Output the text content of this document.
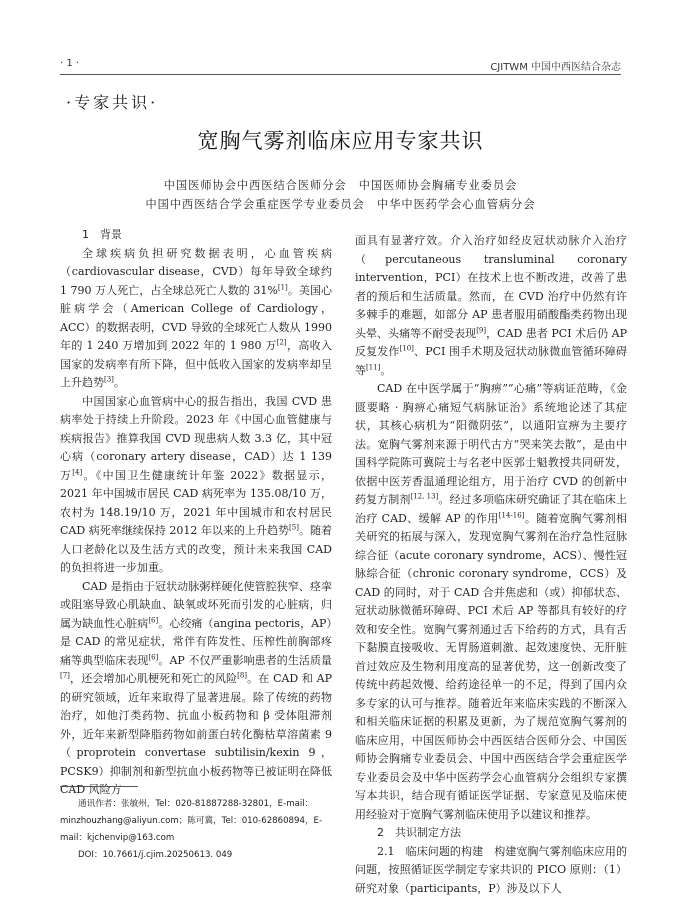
· 1 ·	CJITWM 中国中西医结合杂志
·专家共识·
宽胸气雾剂临床应用专家共识
中国医师协会中西医结合医师分会　中国医师协会胸痛专业委员会
中国中西医结合学会重症医学专业委员会　中华中医药学会心血管病分会
1　背景

全球疾病负担研究数据表明，心血管疾病（cardiovascular disease，CVD）每年导致全球约 1 790 万人死亡，占全球总死亡人数的 31%[1]。美国心脏病学会（American College of Cardiology，ACC）的数据表明，CVD 导致的全球死亡人数从 1990 年的 1 240 万增加到 2022 年的 1 980 万[2]，高收入国家的发病率有所下降，但中低收入国家的发病率却呈上升趋势[3]。

中国国家心血管病中心的报告指出，我国 CVD 患病率处于持续上升阶段。2023 年《中国心血管健康与疾病报告》推算我国 CVD 现患病人数 3.3 亿，其中冠心病（coronary artery disease，CAD）达 1 139 万[4]。《中国卫生健康统计年鉴 2022》数据显示，2021 年中国城市居民 CAD 病死率为 135.08/10 万，农村为 148.19/10 万，2021 年中国城市和农村居民 CAD 病死率继续保持 2012 年以来的上升趋势[5]。随着人口老龄化以及生活方式的改变，预计未来我国 CAD 的负担将进一步加重。

CAD 是指由于冠状动脉粥样硬化使管腔狭窄、痉挛或阻塞导致心肌缺血、缺氧或坏死而引发的心脏病，归属为缺血性心脏病[6]。心绞痛（angina pectoris，AP）是 CAD 的常见症状，常伴有阵发性、压榨性前胸部疼痛等典型临床表现[6]。AP 不仅严重影响患者的生活质量[7]，还会增加心肌梗死和死亡的风险[8]。在 CAD 和 AP 的研究领域，近年来取得了显著进展。除了传统的药物治疗，如他汀类药物、抗血小板药物和 β 受体阻滞剂外，近年来新型降脂药物如前蛋白转化酶枯草溶菌素 9（proprotein convertase subtilisin/kexin 9，PCSK9）抑制剂和新型抗血小板药物等已被证明在降低 CAD 风险方

面具有显著疗效。介入治疗如经皮冠状动脉介入治疗（percutaneous transluminal coronary intervention，PCI）在技术上也不断改进，改善了患者的预后和生活质量。然而，在 CVD 治疗中仍然有许多棘手的难题，如部分 AP 患者服用硝酸酯类药物出现头晕、头痛等不耐受表现[9]，CAD 患者 PCI 术后仍 AP 反复发作[10]、PCI 围手术期及冠状动脉微血管循环障碍等[11]。

CAD 在中医学属于“胸痹”“心痛”等病证范畴，《金匮要略 · 胸痹心痛短气病脉证治》系统地论述了其症状，其核心病机为“阳微阴弦”，以通阳宣痹为主要疗法。宽胸气雾剂来源于明代古方“哭来笑去散”，是由中国科学院陈可冀院士与名老中医郭士魁教授共同研发，依据中医芳香温通理论组方，用于治疗 CVD 的创新中药复方制剂[12, 13]。经过多项临床研究确证了其在临床上治疗 CAD、缓解 AP 的作用[14-16]。随着宽胸气雾剂相关研究的拓展与深入，发现宽胸气雾剂在治疗急性冠脉综合征（acute coronary syndrome，ACS）、慢性冠脉综合征（chronic coronary syndrome，CCS）及 CAD 的同时，对于 CAD 合并焦虑和（或）抑郁状态、冠状动脉微循环障碍、PCI 术后 AP 等都具有较好的疗效和安全性。宽胸气雾剂通过舌下给药的方式，具有舌下黏膜直接吸收、无胃肠道刺激、起效速度快、无肝脏首过效应及生物利用度高的显著优势，这一创新改变了传统中药起效慢、给药途径单一的不足，得到了国内众多专家的认可与推荐。随着近年来临床实践的不断深入和相关临床证据的积累及更新，为了规范宽胸气雾剂的临床应用，中国医师协会中西医结合医师分会、中国医师协会胸痛专业委员会、中国中西医结合学会重症医学专业委员会及中华中医药学会心血管病分会组织专家撰写本共识，结合现有循证医学证据、专家意见及临床使用经验对于宽胸气雾剂临床使用予以建议和推荐。

2　共识制定方法

2.1　临床问题的构建　构建宽胸气雾剂临床应用的问题，按照循证医学制定专家共识的 PICO 原则：（1）研究对象（participants，P）涉及以下人

通讯作者：张敏州，Tel：020-81887288-32801，E-mail：minzhouzhang@aliyun.com；陈可冀，Tel：010-62860894，E-mail：kjchenvip@163.com
DOI：10.7661/j.cjim.20250613. 049
